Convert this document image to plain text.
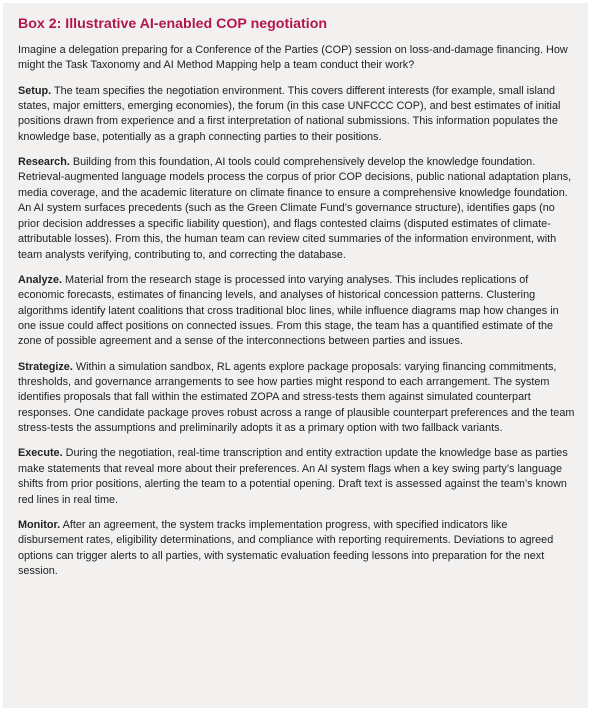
Box 2: Illustrative AI-enabled COP negotiation

Imagine a delegation preparing for a Conference of the Parties (COP) session on loss-and-damage financing. How might the Task Taxonomy and AI Method Mapping help a team conduct their work?

Setup. The team specifies the negotiation environment. This covers different interests (for example, small island states, major emitters, emerging economies), the forum (in this case UNFCCC COP), and best estimates of initial positions drawn from experience and a first interpretation of national submissions. This information populates the knowledge base, potentially as a graph connecting parties to their positions.

Research. Building from this foundation, AI tools could comprehensively develop the knowledge foundation. Retrieval-augmented language models process the corpus of prior COP decisions, public national adaptation plans, media coverage, and the academic literature on climate finance to ensure a comprehensive knowledge foundation. An AI system surfaces precedents (such as the Green Climate Fund’s governance structure), identifies gaps (no prior decision addresses a specific liability question), and flags contested claims (disputed estimates of climate-attributable losses). From this, the human team can review cited summaries of the information environment, with team analysts verifying, contributing to, and correcting the database.

Analyze. Material from the research stage is processed into varying analyses. This includes replications of economic forecasts, estimates of financing levels, and analyses of historical concession patterns. Clustering algorithms identify latent coalitions that cross traditional bloc lines, while influence diagrams map how changes in one issue could affect positions on connected issues. From this stage, the team has a quantified estimate of the zone of possible agreement and a sense of the interconnections between parties and issues.

Strategize. Within a simulation sandbox, RL agents explore package proposals: varying financing commitments, thresholds, and governance arrangements to see how parties might respond to each arrangement. The system identifies proposals that fall within the estimated ZOPA and stress-tests them against simulated counterpart responses. One candidate package proves robust across a range of plausible counterpart preferences and the team stress-tests the assumptions and preliminarily adopts it as a primary option with two fallback variants.

Execute. During the negotiation, real-time transcription and entity extraction update the knowledge base as parties make statements that reveal more about their preferences. An AI system flags when a key swing party’s language shifts from prior positions, alerting the team to a potential opening. Draft text is assessed against the team’s known red lines in real time.

Monitor. After an agreement, the system tracks implementation progress, with specified indicators like disbursement rates, eligibility determinations, and compliance with reporting requirements. Deviations to agreed options can trigger alerts to all parties, with systematic evaluation feeding lessons into preparation for the next session.
